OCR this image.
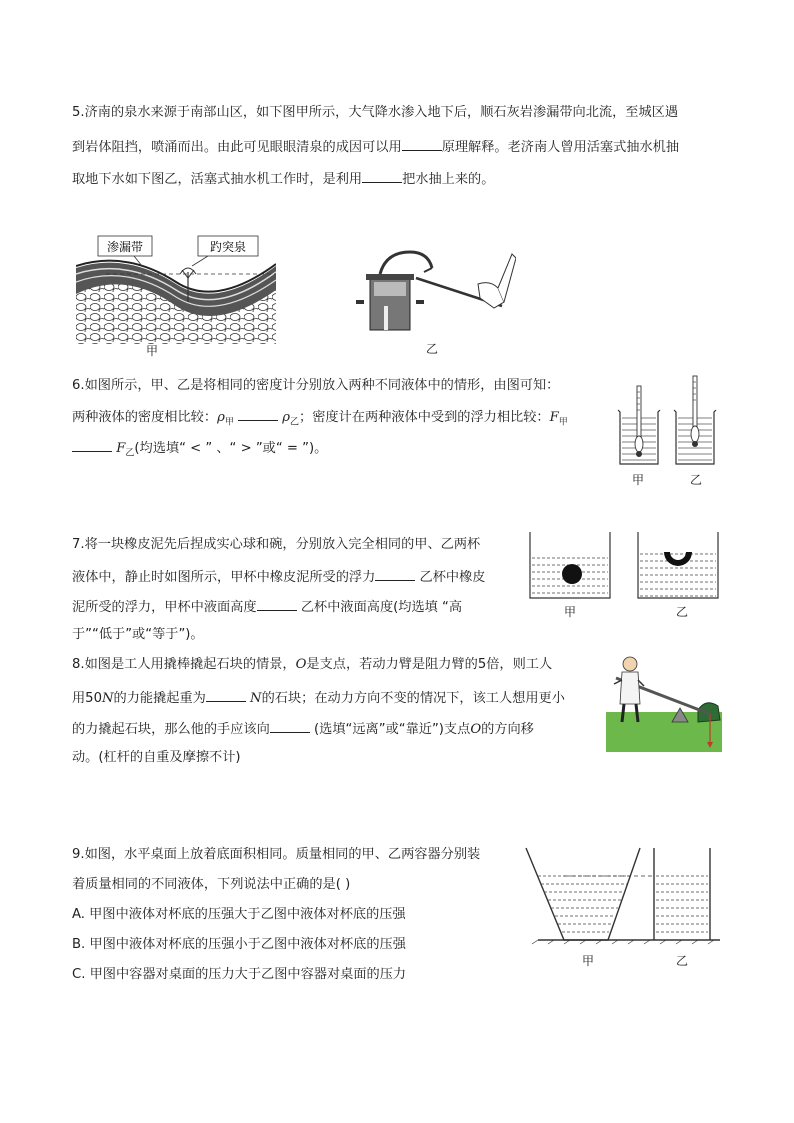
5.济南的泉水来源于南部山区，如下图甲所示，大气降水渗入地下后，顺石灰岩渗漏带向北流，至城区遇
到岩体阻挡，喷涌而出。由此可见眼眼清泉的成因可以用	原理解释。老济南人曾用活塞式抽水机抽
取地下水如下图乙，活塞式抽水机工作时，是利用	把水抽上来的。
渗漏带	趵突泉
甲	乙
6.如图所示，甲、乙是将相同的密度计分别放入两种不同液体中的情形，由图可知：
两种液体的密度相比较：$\rho_甲$	$\rho_乙$；密度计在两种液体中受到的浮力相比较：$F_甲$
$F_乙$(均选填“ < ” 、“ > ”或“ = ”)。
甲	乙
7.将一块橡皮泥先后捏成实心球和碗，分别放入完全相同的甲、乙两杯
液体中，静止时如图所示，甲杯中橡皮泥所受的浮力	乙杯中橡皮
泥所受的浮力，甲杯中液面高度	乙杯中液面高度(均选填 “高
于”“低于”或“等于”)。
甲	乙
8.如图是工人用撬棒撬起石块的情景，O是支点，若动力臂是阻力臂的5倍，则工人
用50N的力能撬起重为	N的石块；在动力方向不变的情况下，该工人想用更小
的力撬起石块，那么他的手应该向	(选填“远离”或“靠近”)支点O的方向移
动。(杠杆的自重及摩擦不计)
9.如图，水平桌面上放着底面积相同。质量相同的甲、乙两容器分别装
着质量相同的不同液体，下列说法中正确的是( )
A. 甲图中液体对杯底的压强大于乙图中液体对杯底的压强
B. 甲图中液体对杯底的压强小于乙图中液体对杯底的压强
C. 甲图中容器对桌面的压力大于乙图中容器对桌面的压力
甲	乙
